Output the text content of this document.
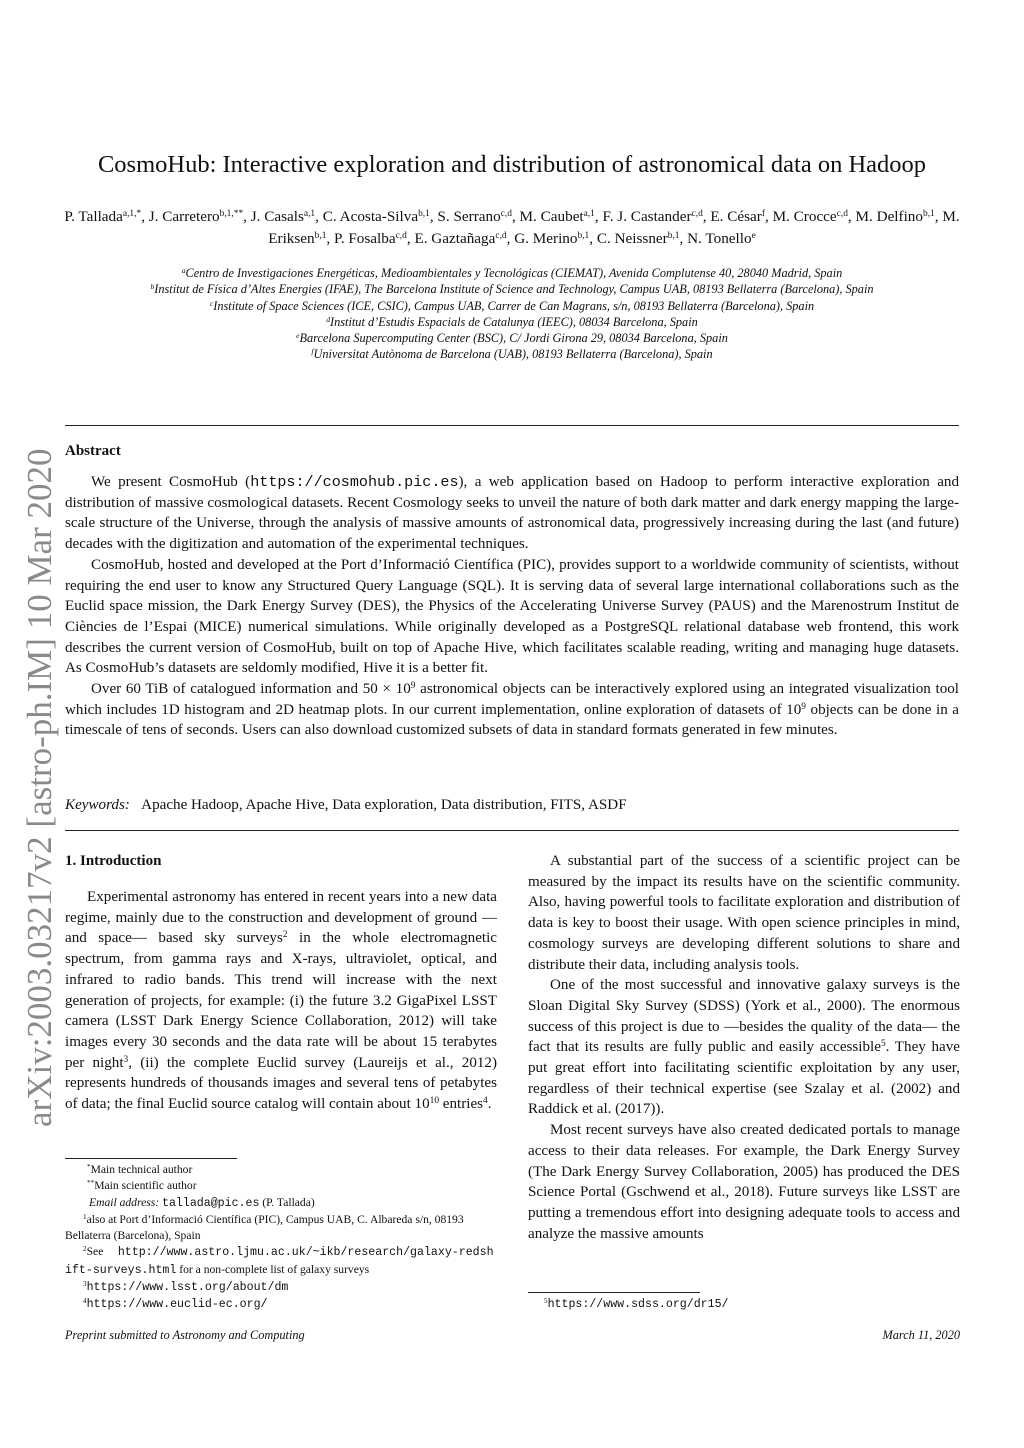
arXiv:2003.03217v2 [astro-ph.IM] 10 Mar 2020
CosmoHub: Interactive exploration and distribution of astronomical data on Hadoop
P. Tallada$^{a,1,*}$, J. Carretero$^{b,1,**}$, J. Casals$^{a,1}$, C. Acosta-Silva$^{b,1}$, S. Serrano$^{c,d}$, M. Caubet$^{a,1}$, F. J. Castander$^{c,d}$, E. César$^f$, M. Crocce$^{c,d}$, M. Delfino$^{b,1}$, M. Eriksen$^{b,1}$, P. Fosalba$^{c,d}$, E. Gaztañaga$^{c,d}$, G. Merino$^{b,1}$, C. Neissner$^{b,1}$, N. Tonello$^e$
$^a$Centro de Investigaciones Energéticas, Medioambientales y Tecnológicas (CIEMAT), Avenida Complutense 40, 28040 Madrid, Spain
$^b$Institut de Física d’Altes Energies (IFAE), The Barcelona Institute of Science and Technology, Campus UAB, 08193 Bellaterra (Barcelona), Spain
$^c$Institute of Space Sciences (ICE, CSIC), Campus UAB, Carrer de Can Magrans, s/n, 08193 Bellaterra (Barcelona), Spain
$^d$Institut d’Estudis Espacials de Catalunya (IEEC), 08034 Barcelona, Spain
$^e$Barcelona Supercomputing Center (BSC), C/ Jordi Girona 29, 08034 Barcelona, Spain
$^f$Universitat Autònoma de Barcelona (UAB), 08193 Bellaterra (Barcelona), Spain
Abstract

We present CosmoHub (https://cosmohub.pic.es), a web application based on Hadoop to perform interactive exploration and distribution of massive cosmological datasets. Recent Cosmology seeks to unveil the nature of both dark matter and dark energy mapping the large-scale structure of the Universe, through the analysis of massive amounts of astronomical data, progressively increasing during the last (and future) decades with the digitization and automation of the experimental techniques.

CosmoHub, hosted and developed at the Port d’Informació Científica (PIC), provides support to a worldwide community of scientists, without requiring the end user to know any Structured Query Language (SQL). It is serving data of several large international collaborations such as the Euclid space mission, the Dark Energy Survey (DES), the Physics of the Accelerating Universe Survey (PAUS) and the Marenostrum Institut de Ciències de l’Espai (MICE) numerical simulations. While originally developed as a PostgreSQL relational database web frontend, this work describes the current version of CosmoHub, built on top of Apache Hive, which facilitates scalable reading, writing and managing huge datasets. As CosmoHub’s datasets are seldomly modified, Hive it is a better fit.

Over 60 TiB of catalogued information and $50 \times 10^9$ astronomical objects can be interactively explored using an integrated visualization tool which includes 1D histogram and 2D heatmap plots. In our current implementation, online exploration of datasets of $10^9$ objects can be done in a timescale of tens of seconds. Users can also download customized subsets of data in standard formats generated in few minutes.

Keywords: Apache Hadoop, Apache Hive, Data exploration, Data distribution, FITS, ASDF
1. Introduction

Experimental astronomy has entered in recent years into a new data regime, mainly due to the construction and development of ground —and space— based sky surveys$^2$ in the whole electromagnetic spectrum, from gamma rays and X-rays, ultraviolet, optical, and infrared to radio bands. This trend will increase with the next generation of projects, for example: (i) the future 3.2 GigaPixel LSST camera (LSST Dark Energy Science Collaboration, 2012) will take images every 30 seconds and the data rate will be about 15 terabytes per night$^3$, (ii) the complete Euclid survey (Laureijs et al., 2012) represents hundreds of thousands images and several tens of petabytes of data; the final Euclid source catalog will contain about $10^{10}$ entries$^4$.

A substantial part of the success of a scientific project can be measured by the impact its results have on the scientific community. Also, having powerful tools to facilitate exploration and distribution of data is key to boost their usage. With open science principles in mind, cosmology surveys are developing different solutions to share and distribute their data, including analysis tools.

One of the most successful and innovative galaxy surveys is the Sloan Digital Sky Survey (SDSS) (York et al., 2000). The enormous success of this project is due to —besides the quality of the data— the fact that its results are fully public and easily accessible$^5$. They have put great effort into facilitating scientific exploitation by any user, regardless of their technical expertise (see Szalay et al. (2002) and Raddick et al. (2017)).

Most recent surveys have also created dedicated portals to manage access to their data releases. For example, the Dark Energy Survey (The Dark Energy Survey Collaboration, 2005) has produced the DES Science Portal (Gschwend et al., 2018). Future surveys like LSST are putting a tremendous effort into designing adequate tools to access and analyze the massive amounts

*Main technical author
**Main scientific author
Email address: tallada@pic.es (P. Tallada)
$^1$also at Port d’Informació Científica (PIC), Campus UAB, C. Albareda s/n, 08193 Bellaterra (Barcelona), Spain
$^2$See http://www.astro.ljmu.ac.uk/~ikb/research/galaxy-redshift-surveys.html for a non-complete list of galaxy surveys
$^3$https://www.lsst.org/about/dm
$^4$https://www.euclid-ec.org/	$^5$https://www.sdss.org/dr15/
Preprint submitted to Astronomy and Computing	March 11, 2020
